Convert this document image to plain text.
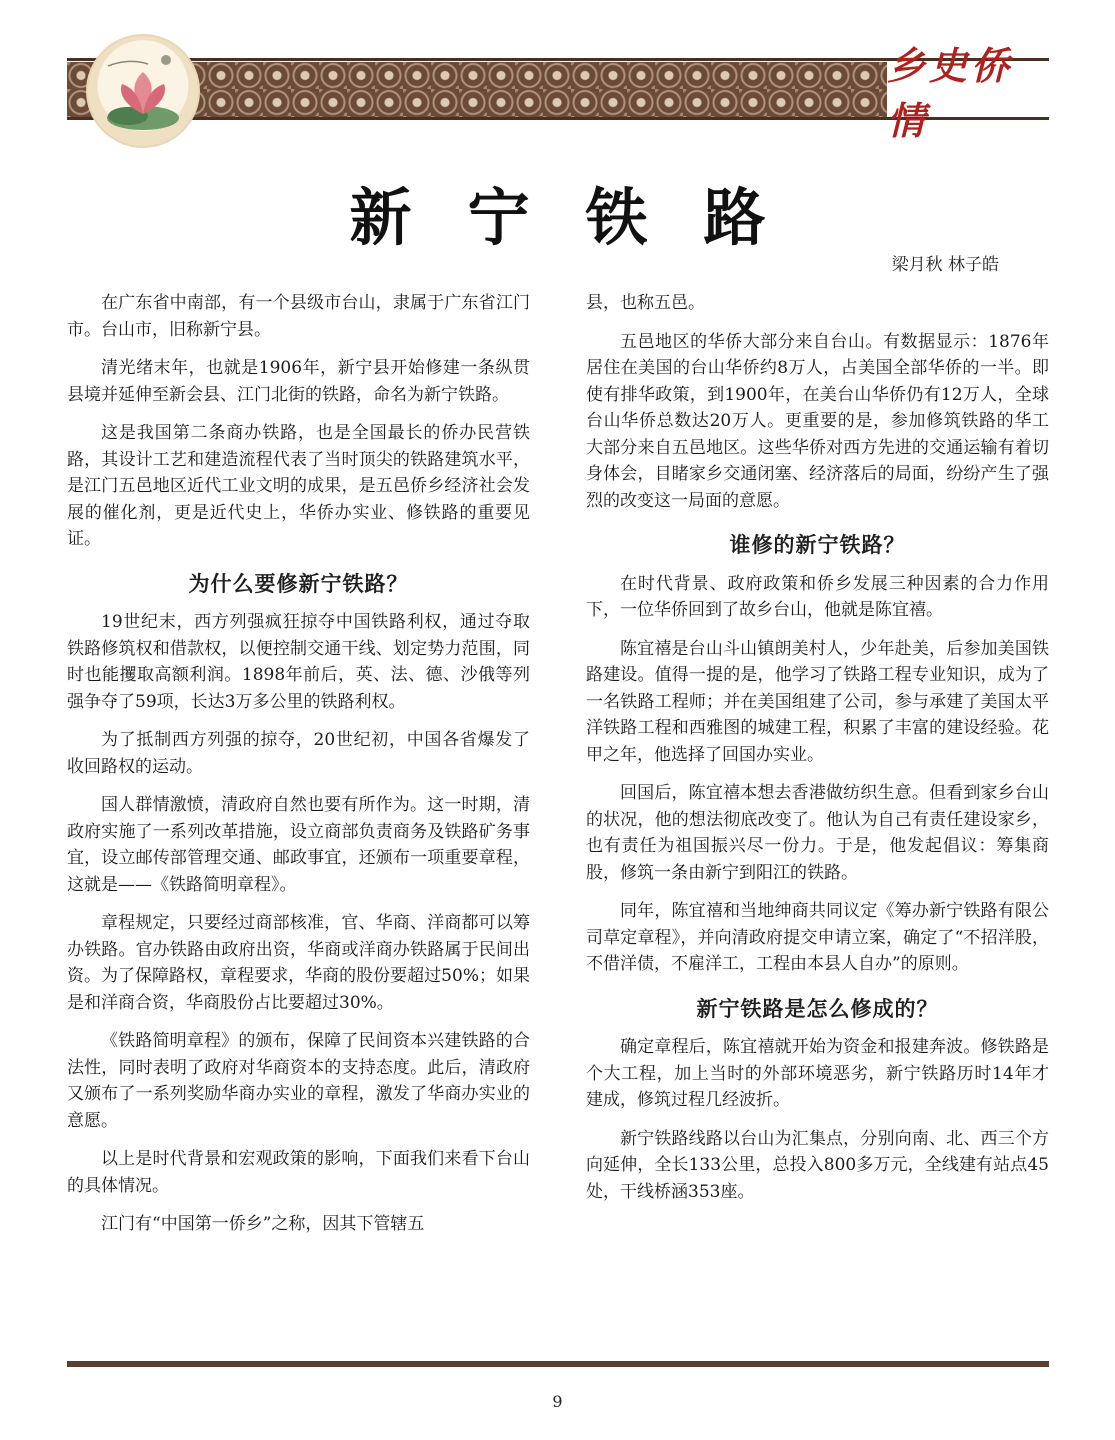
乡史侨情
新宁铁路
梁月秋 林子皓

在广东省中南部，有一个县级市台山，隶属于广东省江门市。台山市，旧称新宁县。

清光绪末年，也就是1906年，新宁县开始修建一条纵贯县境并延伸至新会县、江门北街的铁路，命名为新宁铁路。

这是我国第二条商办铁路，也是全国最长的侨办民营铁路，其设计工艺和建造流程代表了当时顶尖的铁路建筑水平，是江门五邑地区近代工业文明的成果，是五邑侨乡经济社会发展的催化剂，更是近代史上，华侨办实业、修铁路的重要见证。

为什么要修新宁铁路？

19世纪末，西方列强疯狂掠夺中国铁路利权，通过夺取铁路修筑权和借款权，以便控制交通干线、划定势力范围，同时也能攫取高额利润。1898年前后，英、法、德、沙俄等列强争夺了59项，长达3万多公里的铁路利权。

为了抵制西方列强的掠夺，20世纪初，中国各省爆发了收回路权的运动。

国人群情激愤，清政府自然也要有所作为。这一时期，清政府实施了一系列改革措施，设立商部负责商务及铁路矿务事宜，设立邮传部管理交通、邮政事宜，还颁布一项重要章程，这就是——《铁路简明章程》。

章程规定，只要经过商部核准，官、华商、洋商都可以筹办铁路。官办铁路由政府出资，华商或洋商办铁路属于民间出资。为了保障路权，章程要求，华商的股份要超过50%；如果是和洋商合资，华商股份占比要超过30%。

《铁路简明章程》的颁布，保障了民间资本兴建铁路的合法性，同时表明了政府对华商资本的支持态度。此后，清政府又颁布了一系列奖励华商办实业的章程，激发了华商办实业的意愿。

以上是时代背景和宏观政策的影响，下面我们来看下台山的具体情况。

江门有“中国第一侨乡”之称，因其下管辖五

县，也称五邑。

五邑地区的华侨大部分来自台山。有数据显示：1876年居住在美国的台山华侨约8万人，占美国全部华侨的一半。即使有排华政策，到1900年，在美台山华侨仍有12万人，全球台山华侨总数达20万人。更重要的是，参加修筑铁路的华工大部分来自五邑地区。这些华侨对西方先进的交通运输有着切身体会，目睹家乡交通闭塞、经济落后的局面，纷纷产生了强烈的改变这一局面的意愿。

谁修的新宁铁路？

在时代背景、政府政策和侨乡发展三种因素的合力作用下，一位华侨回到了故乡台山，他就是陈宜禧。

陈宜禧是台山斗山镇朗美村人，少年赴美，后参加美国铁路建设。值得一提的是，他学习了铁路工程专业知识，成为了一名铁路工程师；并在美国组建了公司，参与承建了美国太平洋铁路工程和西雅图的城建工程，积累了丰富的建设经验。花甲之年，他选择了回国办实业。

回国后，陈宜禧本想去香港做纺织生意。但看到家乡台山的状况，他的想法彻底改变了。他认为自己有责任建设家乡，也有责任为祖国振兴尽一份力。于是，他发起倡议：筹集商股，修筑一条由新宁到阳江的铁路。

同年，陈宜禧和当地绅商共同议定《筹办新宁铁路有限公司草定章程》，并向清政府提交申请立案，确定了“不招洋股，不借洋债，不雇洋工，工程由本县人自办”的原则。

新宁铁路是怎么修成的？

确定章程后，陈宜禧就开始为资金和报建奔波。修铁路是个大工程，加上当时的外部环境恶劣，新宁铁路历时14年才建成，修筑过程几经波折。

新宁铁路线路以台山为汇集点，分别向南、北、西三个方向延伸，全长133公里，总投入800多万元，全线建有站点45处，干线桥涵353座。

9
